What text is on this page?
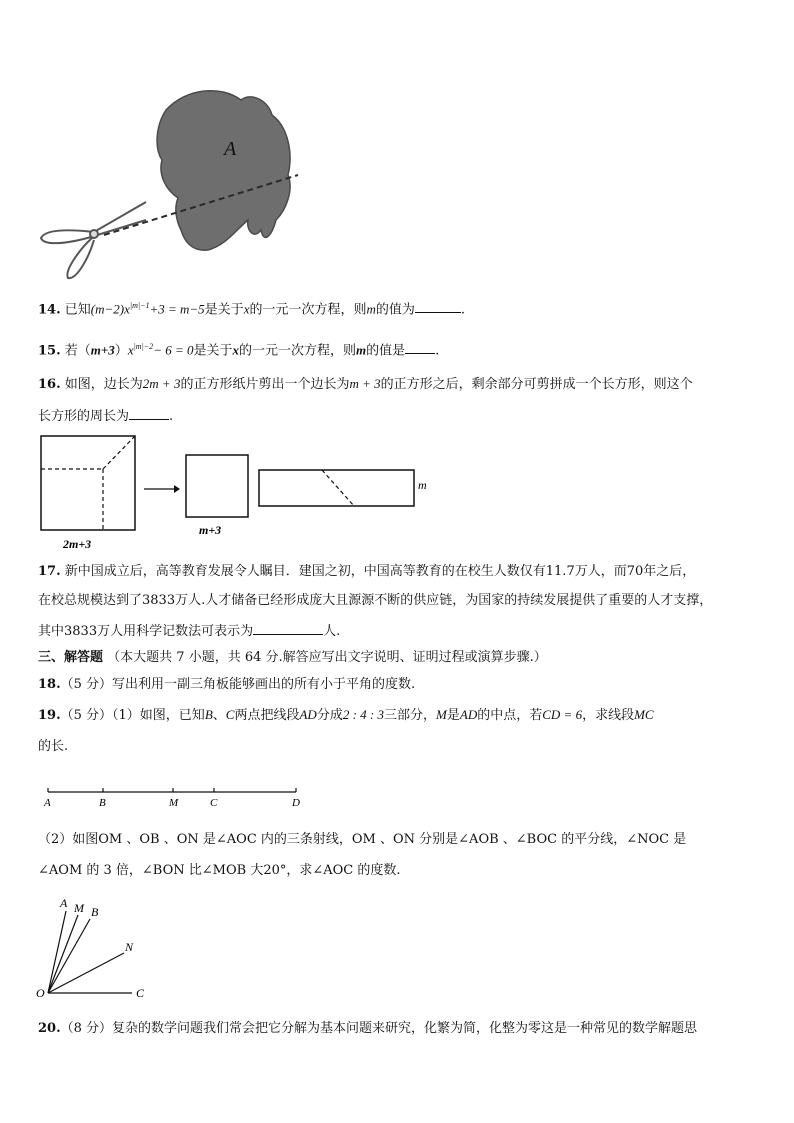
A
14. 已知$(m-2)x^{|m|-1}+3 = m-5$是关于x的一元一次方程，则m的值为	.
15. 若$(m+3)x^{|m|-2}- 6 = 0$是关于x的一元一次方程，则m的值是 .
16. 如图，边长为2m + 3的正方形纸片剪出一个边长为m + 3的正方形之后，剩余部分可剪拼成一个长方形，则这个
长方形的周长为	.
2m+3
m+3
m
17. 新中国成立后，高等教育发展令人瞩目．建国之初，中国高等教育的在校生人数仅有11.7万人，而70年之后，
在校总规模达到了3833万人.人才储备已经形成庞大且源源不断的供应链，为国家的持续发展提供了重要的人才支撑，
其中3833万人用科学记数法可表示为	人.
三、解答题 （本大题共 7 小题，共 64 分.解答应写出文字说明、证明过程或演算步骤.）
18.（5 分）写出利用一副三角板能够画出的所有小于平角的度数.
19.（5 分）（1）如图，已知B、C两点把线段AD分成2 : 4 : 3三部分，M是AD的中点，若CD = 6，求线段MC
的长.
A	B	M	C	D
（2）如图OM 、OB 、ON 是∠AOC 内的三条射线，OM 、ON 分别是∠AOB 、∠BOC 的平分线，∠NOC 是
∠AOM 的 3 倍，∠BON 比∠MOB 大20°，求∠AOC 的度数.
A M B
N
O	C
20.（8 分）复杂的数学问题我们常会把它分解为基本问题来研究，化繁为简，化整为零这是一种常见的数学解题思
